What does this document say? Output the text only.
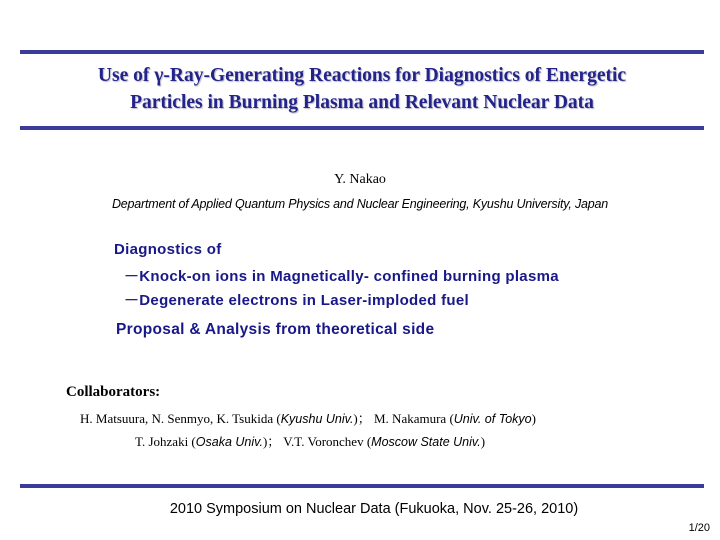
Use of γ-Ray-Generating Reactions for Diagnostics of Energetic
Particles in Burning Plasma and Relevant Nuclear Data
Y. Nakao
Department of Applied Quantum Physics and Nuclear Engineering, Kyushu University, Japan
Diagnostics of
－Knock-on ions in Magnetically- confined burning plasma
－Degenerate electrons in Laser-imploded fuel
Proposal & Analysis from theoretical side
Collaborators:
H. Matsuura, N. Senmyo, K. Tsukida (Kyushu Univ.)； M. Nakamura (Univ. of Tokyo)
T. Johzaki (Osaka Univ.)； V.T. Voronchev (Moscow State Univ.)
2010 Symposium on Nuclear Data (Fukuoka, Nov. 25-26, 2010)
1/20
